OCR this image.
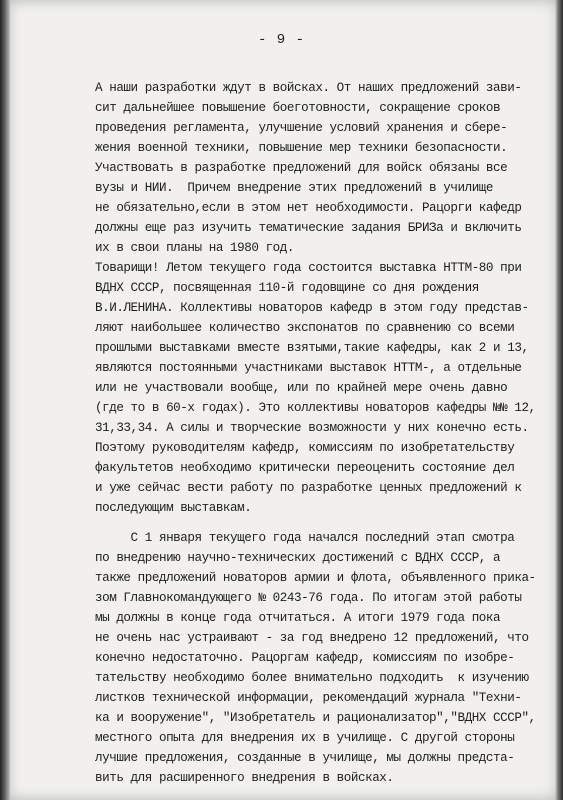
- 9 -
А наши разработки ждут в войсках. От наших предложений зави-
сит дальнейшее повышение боеготовности, сокращение сроков
проведения регламента, улучшение условий хранения и сбере-
жения военной техники, повышение мер техники безопасности.
Участвовать в разработке предложений для войск обязаны все
вузы и НИИ.  Причем внедрение этих предложений в училище
не обязательно,если в этом нет необходимости. Рацорги кафедр
должны еще раз изучить тематические задания БРИЗа и включить
их в свои планы на 1980 год.
Товарищи! Летом текущего года состоится выставка НТТМ-80 при
ВДНХ СССР, посвященная 110-й годовщине со дня рождения
В.И.ЛЕНИНА. Коллективы новаторов кафедр в этом году представ-
ляют наибольшее количество экспонатов по сравнению со всеми
прошлыми выставками вместе взятыми,такие кафедры, как 2 и 13,
являются постоянными участниками выставок НТТМ-, а отдельные
или не участвовали вообще, или по крайней мере очень давно
(где то в 60-х годах). Это коллективы новаторов кафедры №№ 12,
31,33,34. А силы и творческие возможности у них конечно есть.
Поэтому руководителям кафедр, комиссиям по изобретательству
факультетов необходимо критически переоценить состояние дел
и уже сейчас вести работу по разработке ценных предложений к
последующим выставкам.
С 1 января текущего года начался последний этап смотра
по внедрению научно-технических достижений с ВДНХ СССР, а
также предложений новаторов армии и флота, объявленного прика-
зом Главнокомандующего № 0243-76 года. По итогам этой работы
мы должны в конце года отчитаться. А итоги 1979 года пока
не очень нас устраивают - за год внедрено 12 предложений, что
конечно недостаточно. Рацоргам кафедр, комиссиям по изобре-
тательству необходимо более внимательно подходить  к изучению
листков технической информации, рекомендаций журнала "Техни-
ка и вооружение", "Изобретатель и рационализатор","ВДНХ СССР",
местного опыта для внедрения их в училище. С другой стороны
лучшие предложения, созданные в училище, мы должны предста-
вить для расширенного внедрения в войсках.
